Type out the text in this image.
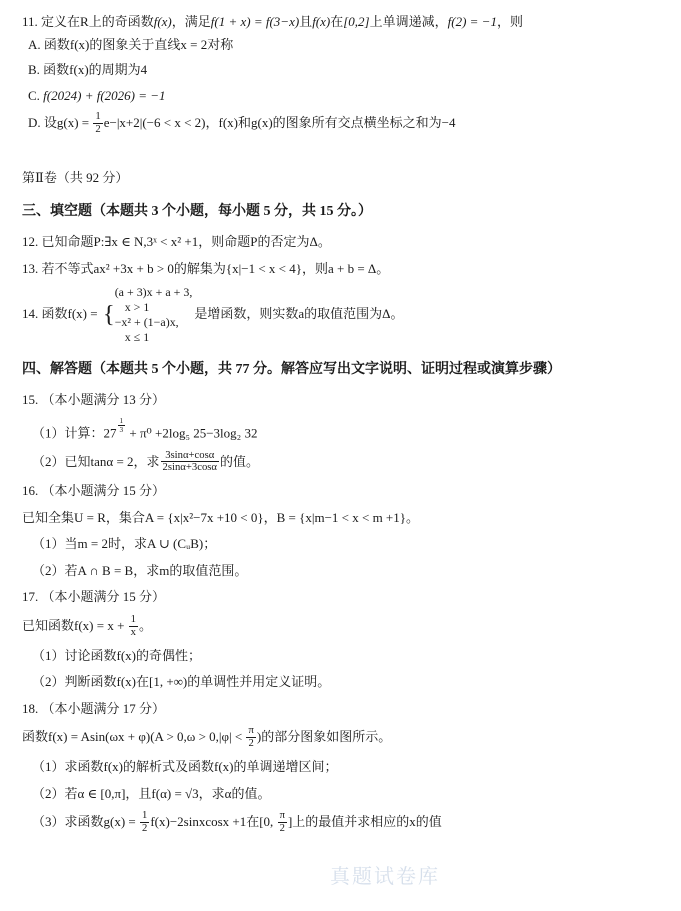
11. 定义在R上的奇函数f(x)，满足f(1 + x) = f(3−x)且f(x)在[0,2]上单调递减，f(2) = −1，则
A. 函数f(x)的图象关于直线x = 2对称
B. 函数f(x)的周期为4
C. f(2024) + f(2026) = −1
D. 设$g(x) = \frac{1}{2} e-|x+2|(-6 < x < 2)$，f(x)和g(x)的图象所有交点横坐标之和为−4
第Ⅱ卷（共 92 分）
三、填空题（本题共 3 个小题，每小题 5 分，共 15 分。）
12. 已知命题P:∃x ∈ N,3ˣ < x² +1，则命题P的否定为Δ。
13. 若不等式ax² +3x + b > 0的解集为{x|−1 < x < 4}，则a + b = Δ。
14. 函数f(x) = {
(a + 3)x + a + 3,
x > 1
−x² + (1−a)x,
x ≤ 1
是增函数，则实数a的取值范围为Δ。
四、解答题（本题共 5 个小题，共 77 分。解答应写出文字说明、证明过程或演算步骤）
15. （本小题满分 13 分）
（1）计算：27 $^{\frac{1}{3}}$ + π⁰ +2log₅ 25−3log₂ 32
（2）已知tanα = 2，求 $\frac{3\sin\alpha+\cos\alpha}{2\sin\alpha+3\cos\alpha}$ 的值。
16. （本小题满分 15 分）
已知全集U = R，集合A = {x|x²−7x +10 < 0}，B = {x|m−1 < x < m +1}。
（1）当m = 2时，求A ∪ (CᵤB)；
（2）若A ∩ B = B，求m的取值范围。
17. （本小题满分 15 分）
已知函数$f(x) = x + \frac{1}{x}$ 。
（1）讨论函数f(x)的奇偶性；
（2）判断函数f(x)在[1, +∞)的单调性并用定义证明。
18. （本小题满分 17 分）
函数$f(x) = Asin(\omega x + \varphi)(A > 0,\omega > 0,|\varphi| < \frac{\pi}{2}$ )的部分图象如图所示。
（1）求函数f(x)的解析式及函数f(x)的单调递增区间；
（2）若α ∈ [0,π]，且f(α) = √3，求α的值。
（3）求函数$g(x) = \frac{1}{2}$ f(x)−2sinxcosx +1在[0, $\frac{\pi}{2}$ ]上的最值并求相应的x的值
真题试卷库
